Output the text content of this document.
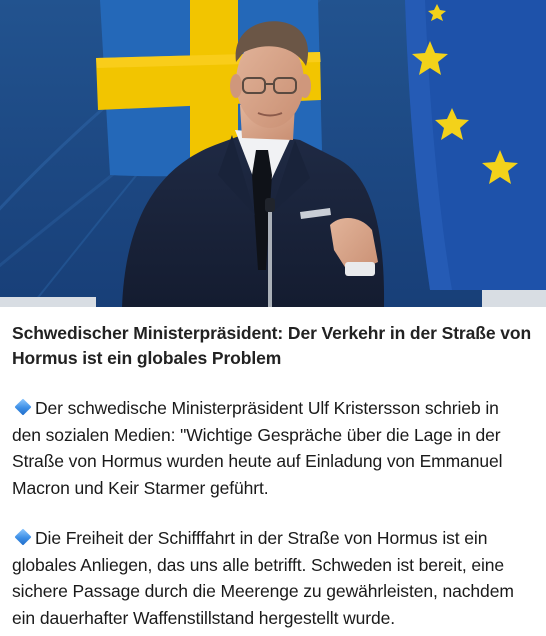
Schwedischer Ministerpräsident: Der Verkehr in der Straße von Hormus ist ein globales Problem

Der schwedische Ministerpräsident Ulf Kristersson schrieb in den sozialen Medien: "Wichtige Gespräche über die Lage in der Straße von Hormus wurden heute auf Einladung von Emmanuel Macron und Keir Starmer geführt.

Die Freiheit der Schifffahrt in der Straße von Hormus ist ein globales Anliegen, das uns alle betrifft. Schweden ist bereit, eine sichere Passage durch die Meerenge zu gewährleisten, nachdem ein dauerhafter Waffenstillstand hergestellt wurde.
